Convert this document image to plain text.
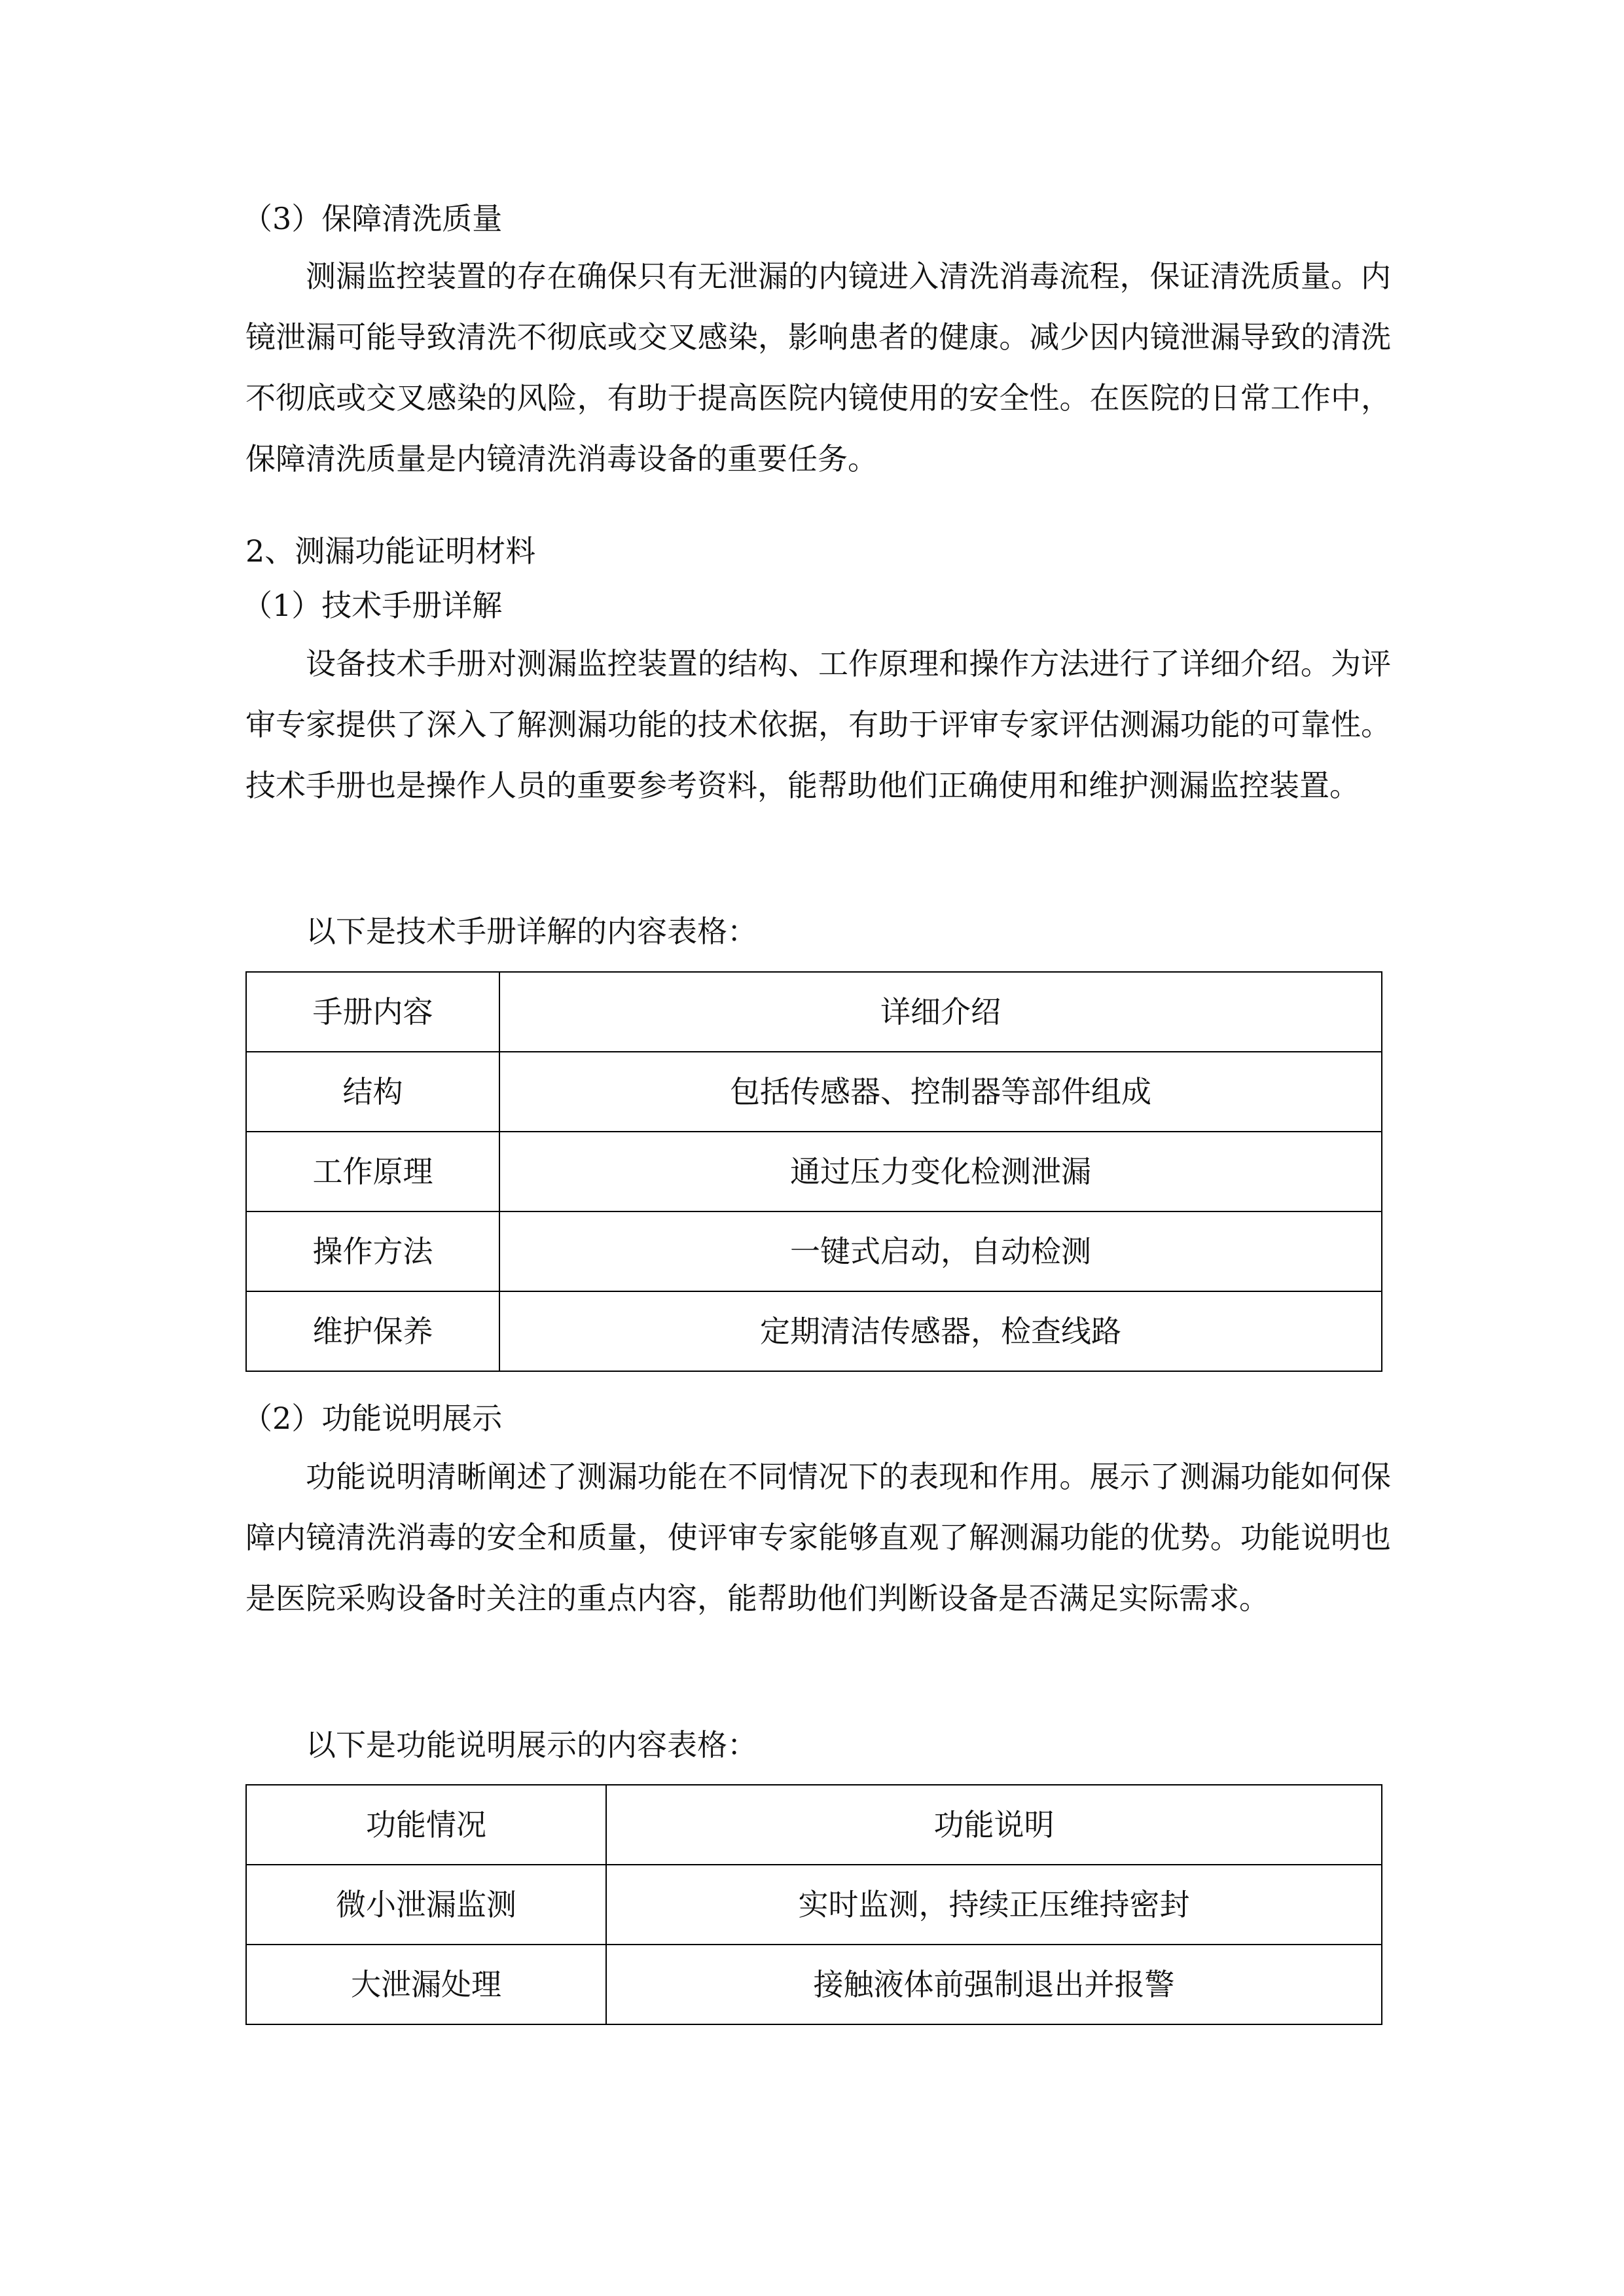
（3）保障清洗质量

测漏监控装置的存在确保只有无泄漏的内镜进入清洗消毒流程，保证清洗质量。内镜泄漏可能导致清洗不彻底或交叉感染，影响患者的健康。减少因内镜泄漏导致的清洗不彻底或交叉感染的风险，有助于提高医院内镜使用的安全性。在医院的日常工作中，保障清洗质量是内镜清洗消毒设备的重要任务。

2、测漏功能证明材料

（1）技术手册详解

设备技术手册对测漏监控装置的结构、工作原理和操作方法进行了详细介绍。为评审专家提供了深入了解测漏功能的技术依据，有助于评审专家评估测漏功能的可靠性。技术手册也是操作人员的重要参考资料，能帮助他们正确使用和维护测漏监控装置。

以下是技术手册详解的内容表格：

手册内容	详细介绍
结构	包括传感器、控制器等部件组成
工作原理	通过压力变化检测泄漏
操作方法	一键式启动，自动检测
维护保养	定期清洁传感器，检查线路

（2）功能说明展示

功能说明清晰阐述了测漏功能在不同情况下的表现和作用。展示了测漏功能如何保障内镜清洗消毒的安全和质量，使评审专家能够直观了解测漏功能的优势。功能说明也是医院采购设备时关注的重点内容，能帮助他们判断设备是否满足实际需求。

以下是功能说明展示的内容表格：

功能情况	功能说明
微小泄漏监测	实时监测，持续正压维持密封
大泄漏处理	接触液体前强制退出并报警
